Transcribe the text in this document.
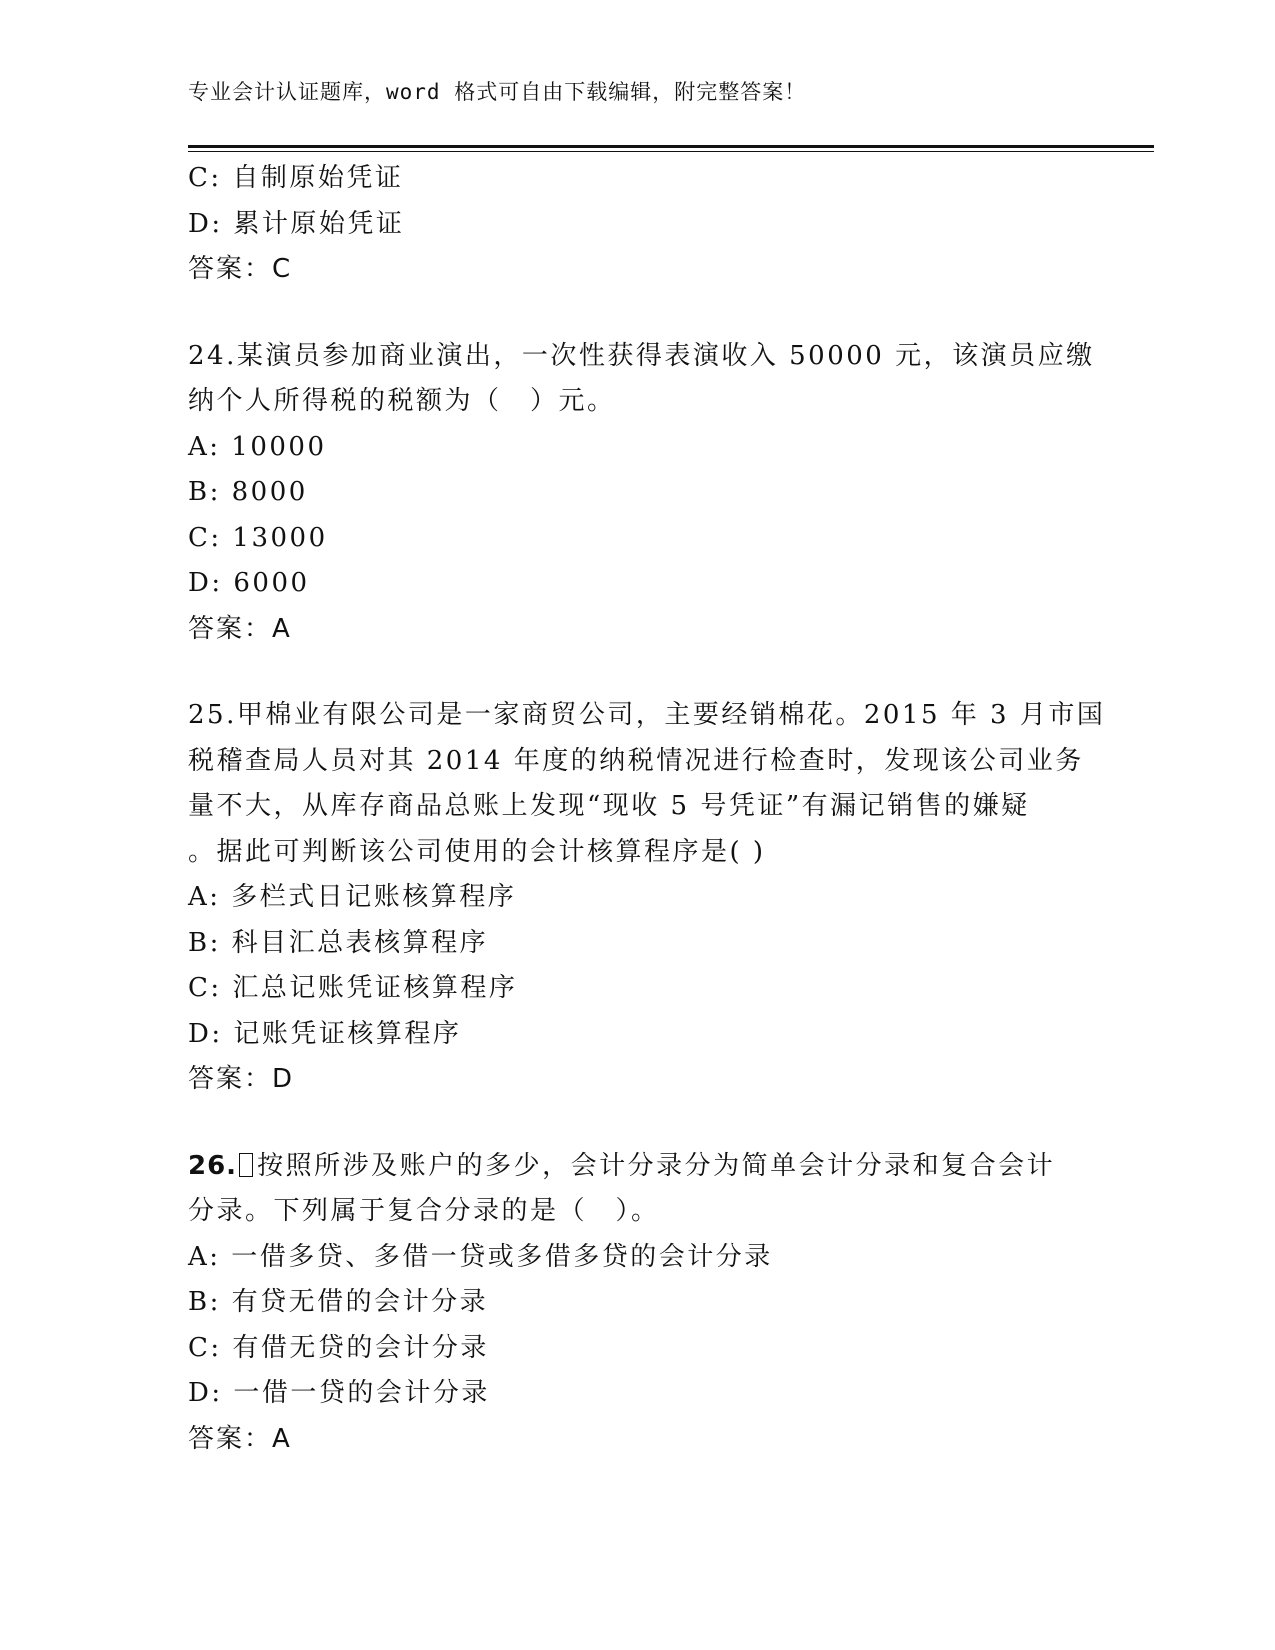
专业会计认证题库，word 格式可自由下载编辑，附完整答案！
C: 自制原始凭证
D: 累计原始凭证
答案：C
24.某演员参加商业演出，一次性获得表演收入 50000 元，该演员应缴
纳个人所得税的税额为（　）元。
A: 10000
B: 8000
C: 13000
D: 6000
答案：A
25.甲棉业有限公司是一家商贸公司，主要经销棉花。2015 年 3 月市国
税稽查局人员对其 2014 年度的纳税情况进行检查时，发现该公司业务
量不大，从库存商品总账上发现“现收 5 号凭证”有漏记销售的嫌疑
。据此可判断该公司使用的会计核算程序是( )
A: 多栏式日记账核算程序
B: 科目汇总表核算程序
C: 汇总记账凭证核算程序
D: 记账凭证核算程序
答案：D
26. 按照所涉及账户的多少，会计分录分为简单会计分录和复合会计
分录。下列属于复合分录的是（　）。
A: 一借多贷、多借一贷或多借多贷的会计分录
B: 有贷无借的会计分录
C: 有借无贷的会计分录
D: 一借一贷的会计分录
答案：A
